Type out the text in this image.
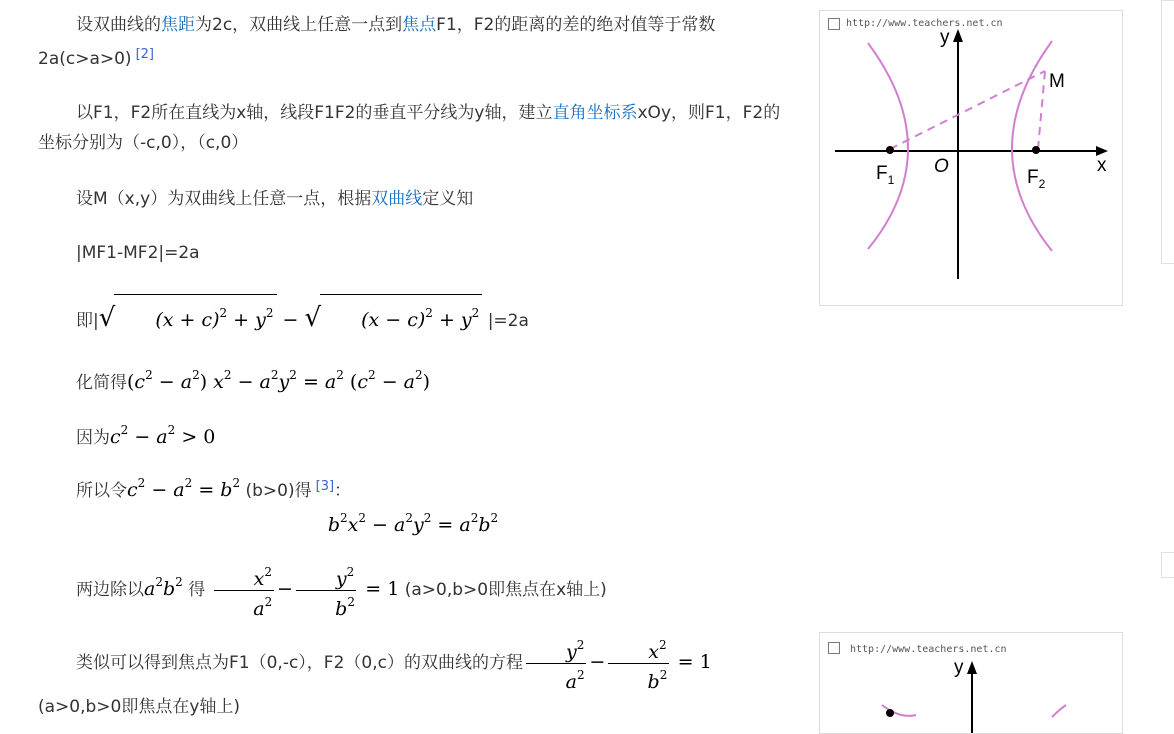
设双曲线的焦距为2c，双曲线上任意一点到焦点F1，F2的距离的差的绝对值等于常数2a(c>a>0) [2]
以F1，F2所在直线为x轴，线段F1F2的垂直平分线为y轴，建立直角坐标系xOy，则F1，F2的坐标分别为（-c,0），（c,0）
设M（x,y）为双曲线上任意一点，根据双曲线定义知
|MF1-MF2|=2a
即|√ $(x + c)^2 + y^2$ − √ $(x - c)^2 + y^2$ |=2a
化简得$(c^2 - a^2) x^2 - a^2y^2 = a^2$ $(c^2 - a^2)$
因为$c^2 - a^2 > 0$
所以令$c^2 - a^2 = b^2$ (b>0)得 [3]：
$b^2x^2 - a^2y^2 = a^2b^2$
两边除以$a^2b^2$ 得 $\frac{x^2}{a^2} - \frac{y^2}{b^2} = 1$ (a>0,b>0即焦点在x轴上)
类似可以得到焦点为F1（0,-c），F2（0,c）的双曲线的方程 $\frac{y^2}{a^2} - \frac{x^2}{b^2} = 1$
(a>0,b>0即焦点在y轴上)
http://www.teachers.net.cn
y
x
O
M
$F_1$	$F_2$
http://www.teachers.net.cn
y
